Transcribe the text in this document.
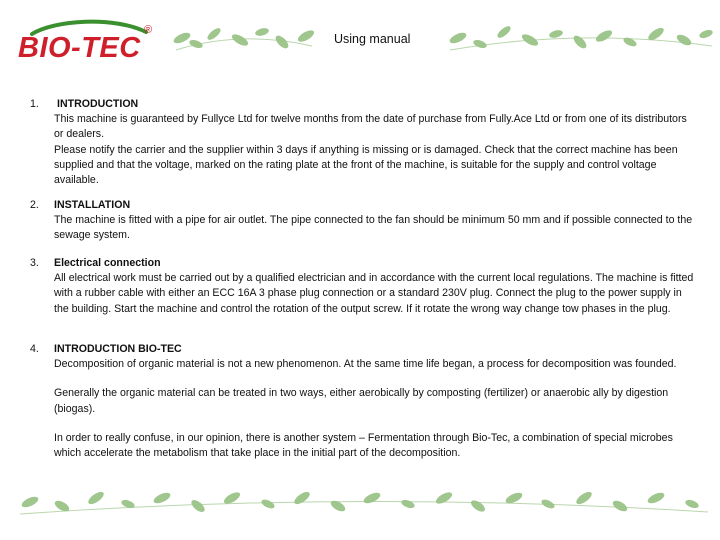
BIO-TEC
®
Using manual
1. INTRODUCTION
This machine is guaranteed by Fullyce Ltd for twelve months from the date of purchase from Fully.Ace Ltd or from one of its distributors or dealers.
Please notify the carrier and the supplier within 3 days if anything is missing or is damaged. Check that the correct machine has been supplied and that the voltage, marked on the rating plate at the front of the machine, is suitable for the supply and control voltage available.
2. INSTALLATION
The machine is fitted with a pipe for air outlet. The pipe connected to the fan should be minimum 50 mm and if possible connected to the sewage system.
3. Electrical connection
All electrical work must be carried out by a qualified electrician and in accordance with the current local regulations. The machine is fitted with a rubber cable with either an ECC 16A 3 phase plug connection or a standard 230V plug. Connect the plug to the power supply in the building. Start the machine and control the rotation of the output screw. If it rotate the wrong way change tow phases in the plug.
4. INTRODUCTION BIO-TEC
Decomposition of organic material is not a new phenomenon. At the same time life began, a process for decomposition was founded.
Generally the organic material can be treated in two ways, either aerobically by composting (fertilizer) or anaerobic ally by digestion (biogas).
In order to really confuse, in our opinion, there is another system – Fermentation through Bio-Tec, a combination of special microbes which accelerate the metabolism that take place in the initial part of the decomposition.
